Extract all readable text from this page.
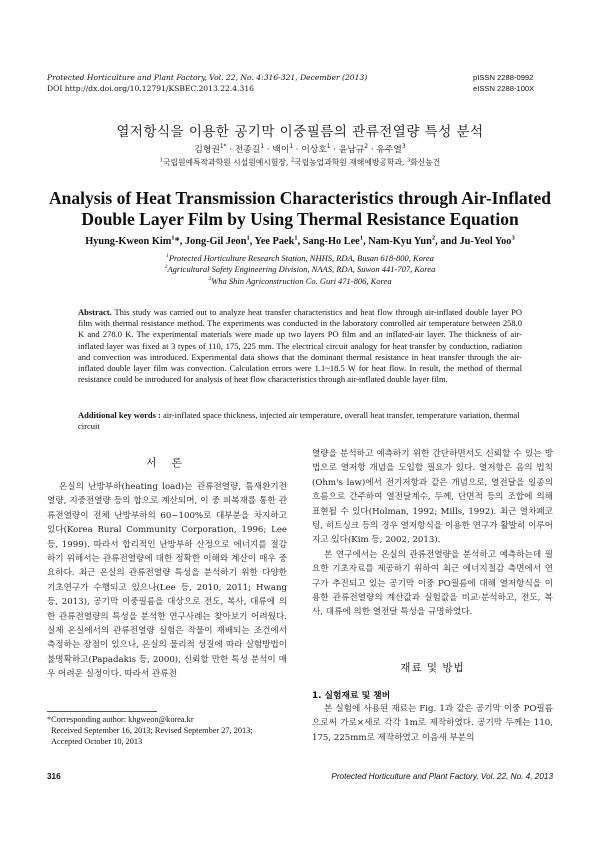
Protected Horticulture and Plant Factory, Vol. 22, No. 4:316-321, December (2013)
DOI http://dx.doi.org/10.12791/KSBEC.2013.22.4.316
pISSN 2288-0992
eISSN 2288-100X
열저항식을 이용한 공기막 이중필름의 관류전열량 특성 분석
김형권$^{1*}$ · 전종길$^1$ · 백이$^1$ · 이상호$^1$ · 윤남규$^2$ · 유주열$^3$
$^1$국립원예특작과학원 시설원예시험장, $^2$국립농업과학원 재해예방공학과, $^3$화신농건
Analysis of Heat Transmission Characteristics through Air-Inflated Double Layer Film by Using Thermal Resistance Equation
Hyung-Kweon Kim$^1$*, Jong-Gil Jeon$^1$, Yee Paek$^1$, Sang-Ho Lee$^1$, Nam-Kyu Yun$^2$, and Ju-Yeol Yoo$^3$
$^1$Protected Horticulture Research Station, NHHS, RDA, Busan 618-800, Korea
$^2$Agricultural Safety Engineering Division, NAAS, RDA, Suwon 441-707, Korea
$^3$Wha Shin Agriconstruction Co. Guri 471-806, Korea
Abstract. This study was carried out to analyze heat transfer characteristics and heat flow through air-inflated double layer PO film with thermal resistance method. The experiments was conducted in the laboratory controlled air temperature between 258.0 K and 278.0 K. The experimental materials were made up two layers PO film and an inflated-air layer. The thickness of air-inflated layer was fixed at 3 types of 110, 175, 225 mm. The electrical circuit analogy for heat transfer by conduction, radiation and convection was introduced. Experimental data shows that the dominant thermal resistance in heat transfer through the air-inflated double layer film was convection. Calculation errors were 1.1~18.5 W for heat flow. In result, the method of thermal resistance could be introduced for analysis of heat flow characteristics through air-inflated double layer film.
Additional key words : air-inflated space thickness, injected air temperature, overall heat transfer, temperature variation, thermal circuit
서 론

온실의 난방부하(heating load)는 관류전열량, 틈새환기전열량, 지중전열량 등의 합으로 계산되며, 이 중 피복재를 통한 관류전열량이 전체 난방부하의 60~100%로 대부분을 차지하고 있다(Korea Rural Community Corporation, 1996; Lee 등, 1999). 따라서 합리적인 난방부하 산정으로 에너지를 절감하기 위해서는 관류전열량에 대한 정확한 이해와 계산이 매우 중요하다. 최근 온실의 관류전열량 특성을 분석하기 위한 다양한 기초연구가 수행되고 있으나(Lee 등, 2010, 2011; Hwang 등, 2013), 공기막 이중필름을 대상으로 전도, 복사, 대류에 의한 관류전열량의 특성을 분석한 연구사례는 찾아보기 어려웠다. 실제 온실에서의 관류전열량 실험은 작물이 재배되는 조건에서 측정하는 장점이 있으나, 온실의 물리적 성질에 따라 실험방법이 불명확하고(Papadakis 등, 2000), 신뢰할 만한 특성 분석이 매우 어려운 실정이다. 따라서 관류전

*Corresponding author: khgweon@korea.kr
Received September 16, 2013; Revised September 27, 2013;
Accepted October 10, 2013

열량을 분석하고 예측하기 위한 간단하면서도 신뢰할 수 있는 방법으로 열저항 개념을 도입할 필요가 있다. 열저항은 옴의 법칙(Ohm's law)에서 전기저항과 같은 개념으로, 열전달을 일종의 흐름으로 간주하여 열전달계수, 두께, 단면적 등의 조합에 의해 표현될 수 있다(Holman, 1992; Mills, 1992). 최근 열차폐코팅, 히트싱크 등의 경우 열저항식을 이용한 연구가 활발히 이루어지고 있다(Kim 등, 2002, 2013).

본 연구에서는 온실의 관류전열량을 분석하고 예측하는데 필요한 기초자료를 제공하기 위하여 최근 에너지절감 측면에서 연구가 추진되고 있는 공기막 이중 PO필름에 대해 열저항식을 이용한 관류전열량의 계산값과 실험값을 비교·분석하고, 전도, 복사, 대류에 의한 열전달 특성을 규명하였다.

재료 및 방법
1. 실험재료 및 챔버

본 실험에 사용된 재료는 Fig. 1과 같은 공기막 이중 PO필름으로써 가로×세로 각각 1m로 제작하였다. 공기막 두께는 110, 175, 225mm로 제작하였고 이음새 부분의

316	Protected Horticulture and Plant Factory, Vol. 22, No. 4, 2013
